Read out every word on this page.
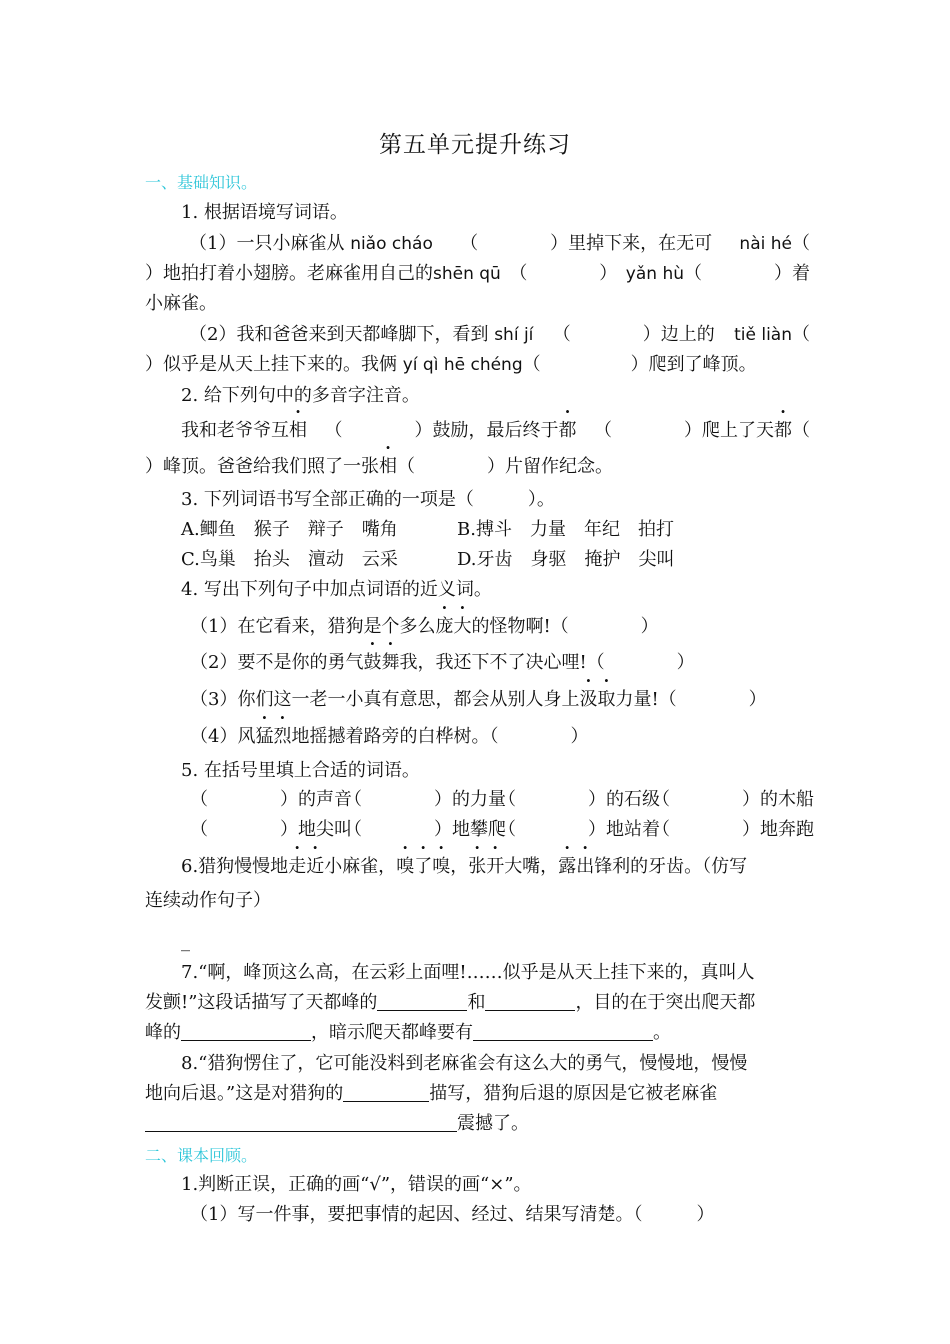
第五单元提升练习
一、基础知识。
1. 根据语境写词语。
（1）一只小麻雀从 niǎo cháo （　　　　）里掉下来，在无可 nài hé（
）地拍打着小翅膀。老麻雀用自己的shēn qū （　　　　） yǎn hù（　　　　）着
小麻雀。
（2）我和爸爸来到天都峰脚下，看到 shí jí （　　　　）边上的 tiě liàn（
）似乎是从天上挂下来的。我俩 yí qì hē chéng（　　　　　）爬到了峰顶。
2. 给下列句中的多音字注音。
我和老爷爷互相 （　　　　）鼓励，最后终于都 （　　　　）爬上了天都（
）峰顶。爸爸给我们照了一张相（　　　　）片留作纪念。
3. 下列词语书写全部正确的一项是（　　　）。
A.鲫鱼　猴子　辩子　嘴角	B.搏斗　力量　年纪　拍打
C.鸟巢　抬头　澶动　云采	D.牙齿　身驱　掩护　尖叫
4. 写出下列句子中加点词语的近义词。
（1）在它看来，猎狗是个多么庞大的怪物啊!（　　　　）
（2）要不是你的勇气鼓舞我，我还下不了决心哩!（　　　　）
（3）你们这一老一小真有意思，都会从别人身上汲取力量!（　　　　）
（4）风猛烈地摇撼着路旁的白桦树。（　　　　）
5. 在括号里填上合适的词语。
（　　　　）的声音（　　　　）的力量（　　　　）的石级（　　　　）的木船
（　　　　）地尖叫（　　　　）地攀爬（　　　　）地站着（　　　　）地奔跑
6.猎狗慢慢地走近小麻雀，嗅了嗅，张开大嘴，露出锋利的牙齿。（仿写
连续动作句子）
_
7.“啊，峰顶这么高，在云彩上面哩!……似乎是从天上挂下来的，真叫人
发颤!”这段话描写了天都峰的	和	，目的在于突出爬天都
峰的	，暗示爬天都峰要有	。
8.“猎狗愣住了，它可能没料到老麻雀会有这么大的勇气，慢慢地，慢慢
地向后退。”这是对猎狗的	描写，猎狗后退的原因是它被老麻雀
震撼了。
二、课本回顾。
1.判断正误，正确的画“√”，错误的画“×”。
（1）写一件事，要把事情的起因、经过、结果写清楚。（　　　）
